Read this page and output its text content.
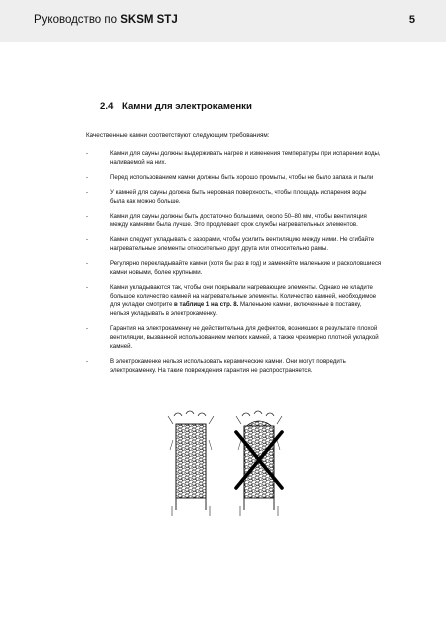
Руководство по SKSM STJ	5
2.4 Камни для электрокаменки
Качественные камни соответствуют следующим требованиям:
-	Камни для сауны должны выдерживать нагрев и изменения температуры при испарении воды,
наливаемой на них.
-	Перед использованием камни должны быть хорошо промыты, чтобы не было запаха и пыли
-	У камней для сауны должна быть неровная поверхность, чтобы площадь испарения воды
была как можно больше.
-	Камни для сауны должны быть достаточно большими, около 50–80 мм, чтобы вентиляция
между камнями была лучше. Это продлевает срок службы нагревательных элементов.
-	Камни следует укладывать с зазорами, чтобы усилить вентиляцию между ними. Не сгибайте
нагревательные элементы относительно друг друга или относительно рамы.
-	Регулярно перекладывайте камни (хотя бы раз в год) и заменяйте маленькие и расколовшиеся
камни новыми, более крупными.
-	Камни укладываются так, чтобы они покрывали нагревающие элементы. Однако не кладите
большое количество камней на нагревательные элементы. Количество камней, необходимое
для укладки смотрите в таблице 1 на стр. 8. Маленькие камни, включенные в поставку,
нельзя укладывать в электрокаменку.
-	Гарантия на электрокаменку не действительна для дефектов, возникших в результате плохой
вентиляции, вызванной использованием мелких камней, а также чрезмерно плотной укладкой
камней.
-	В электрокаменке нельзя использовать керамические камни. Они могут повредить
электрокаменку. На такие повреждения гарантия не распространяется.
